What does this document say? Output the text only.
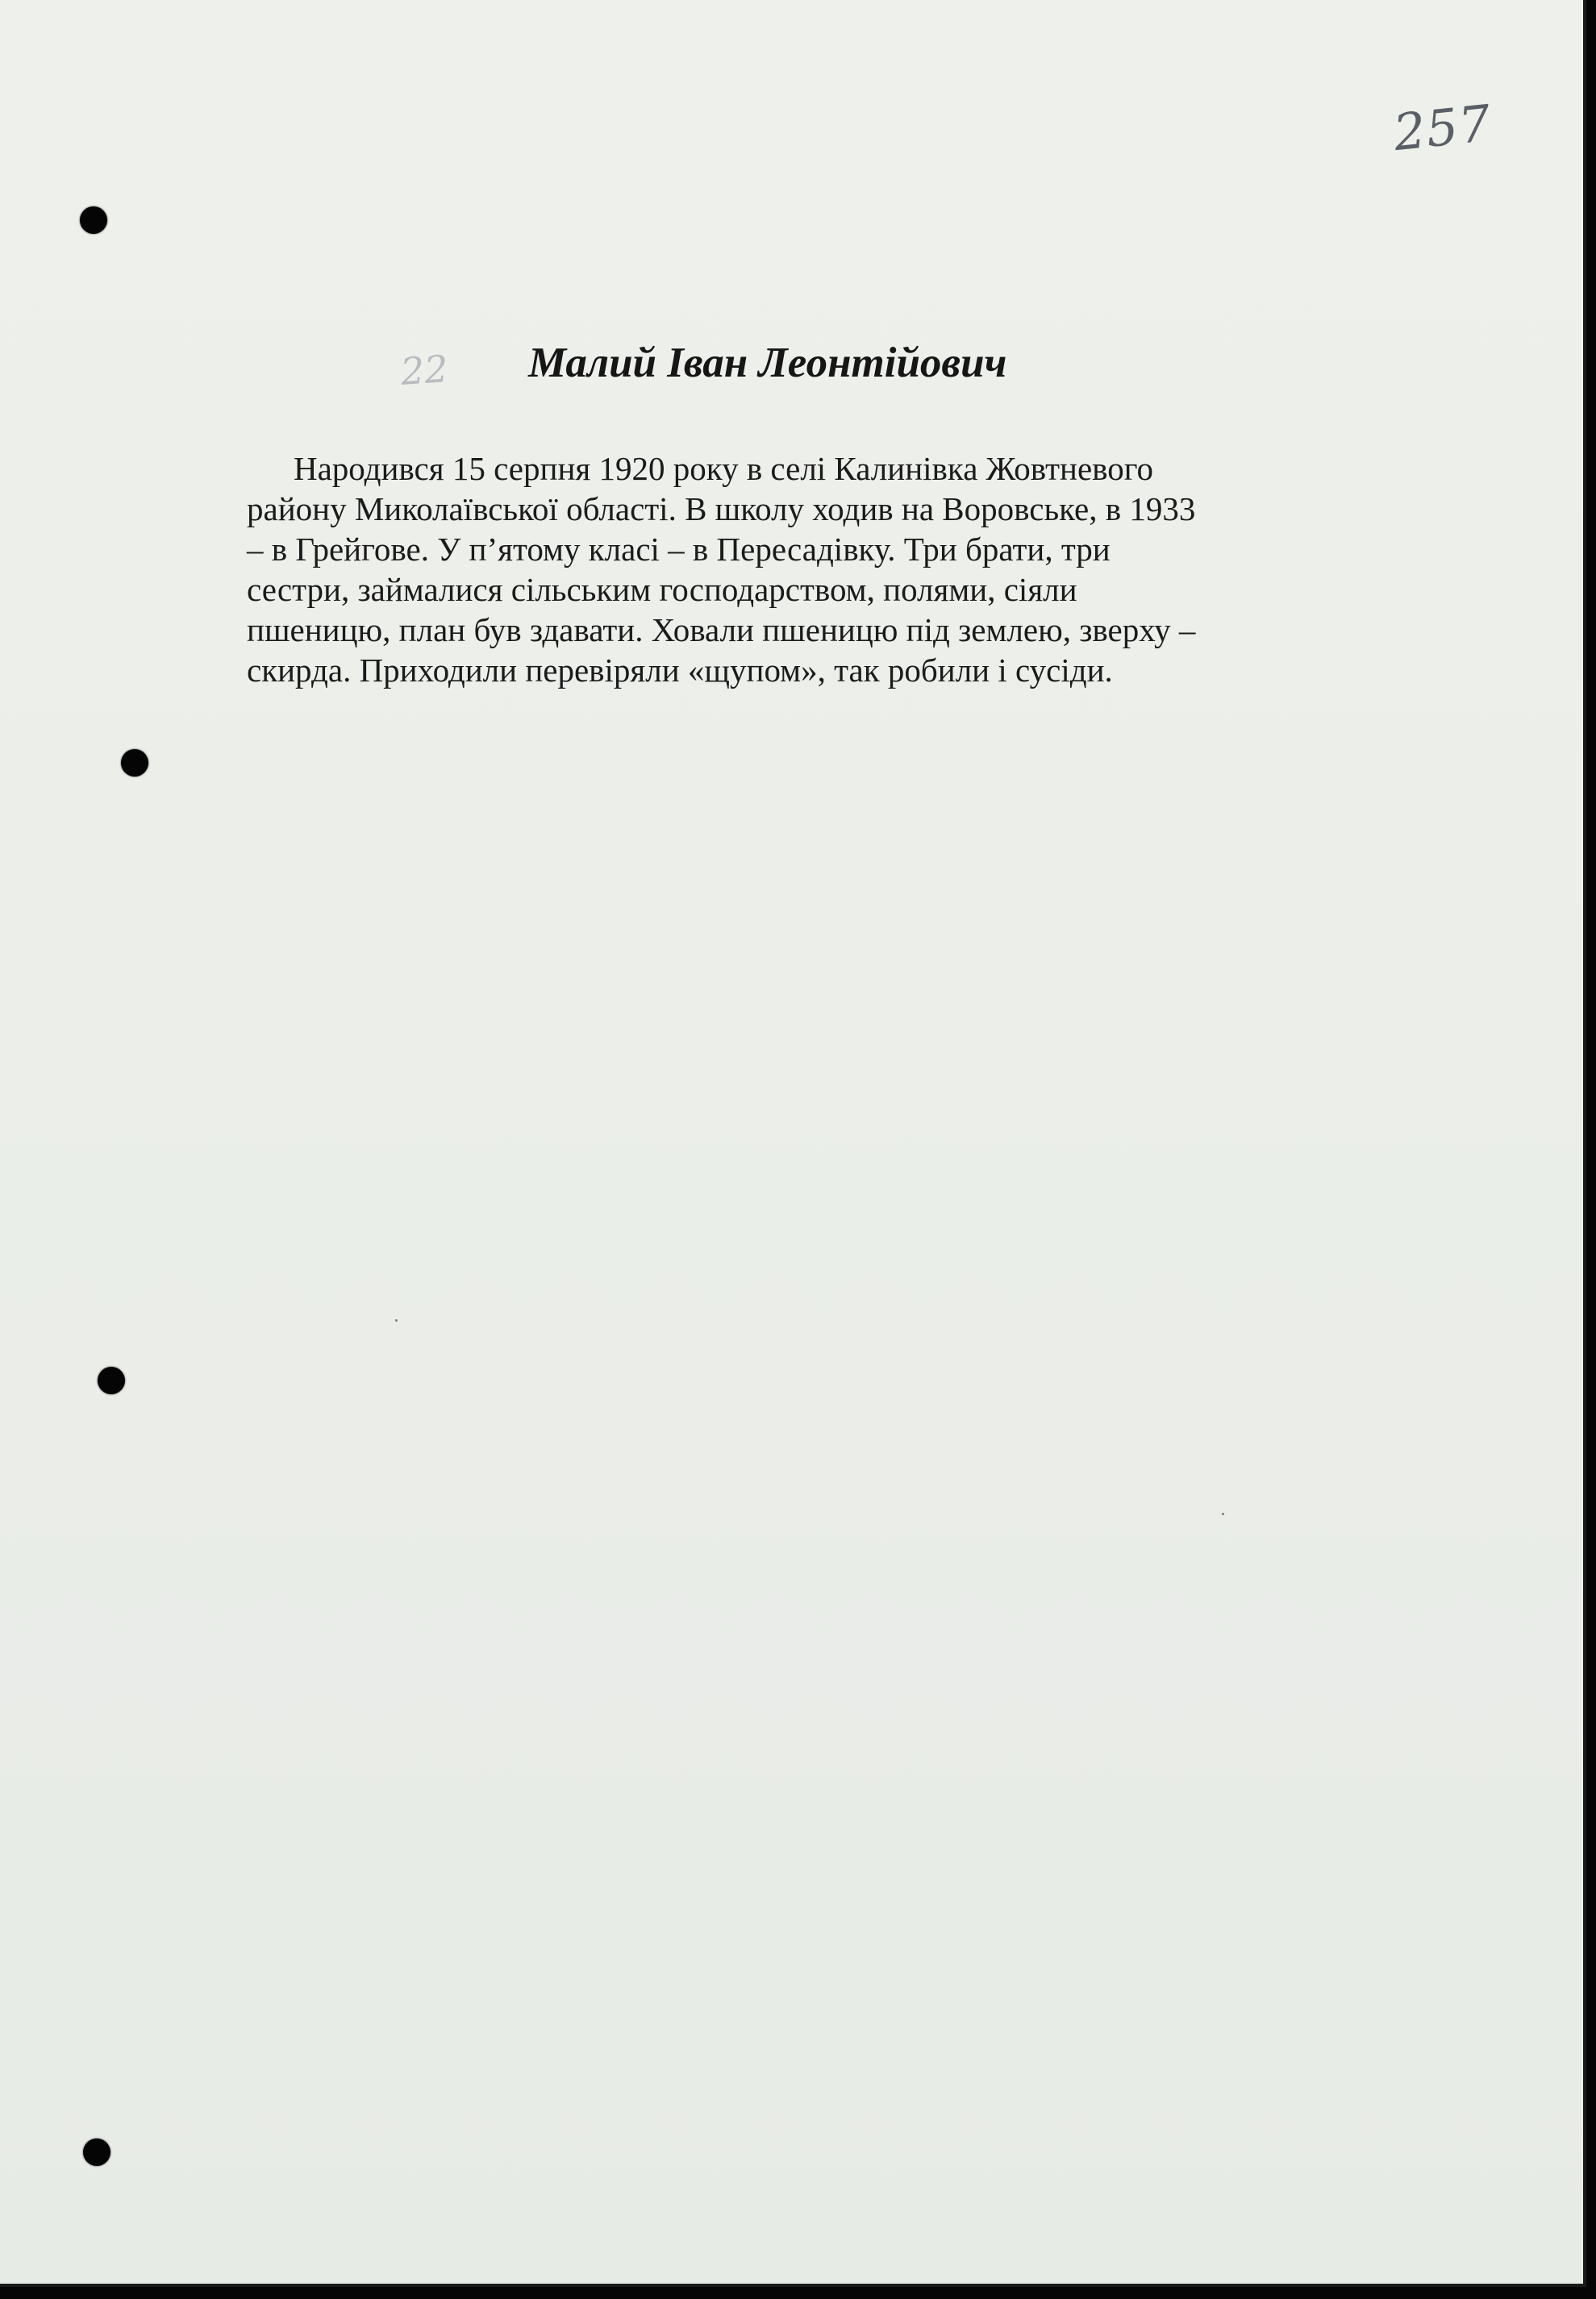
257
22 Малий Іван Леонтійович
Народився 15 серпня 1920 року в селі Калинівка Жовтневого
району Миколаївської області. В школу ходив на Воровське, в 1933
– в Грейгове. У п’ятому класі – в Пересадівку. Три брати, три
сестри, займалися сільським господарством, полями, сіяли
пшеницю, план був здавати. Ховали пшеницю під землею, зверху –
скирда. Приходили перевіряли «щупом», так робили і сусіди.
